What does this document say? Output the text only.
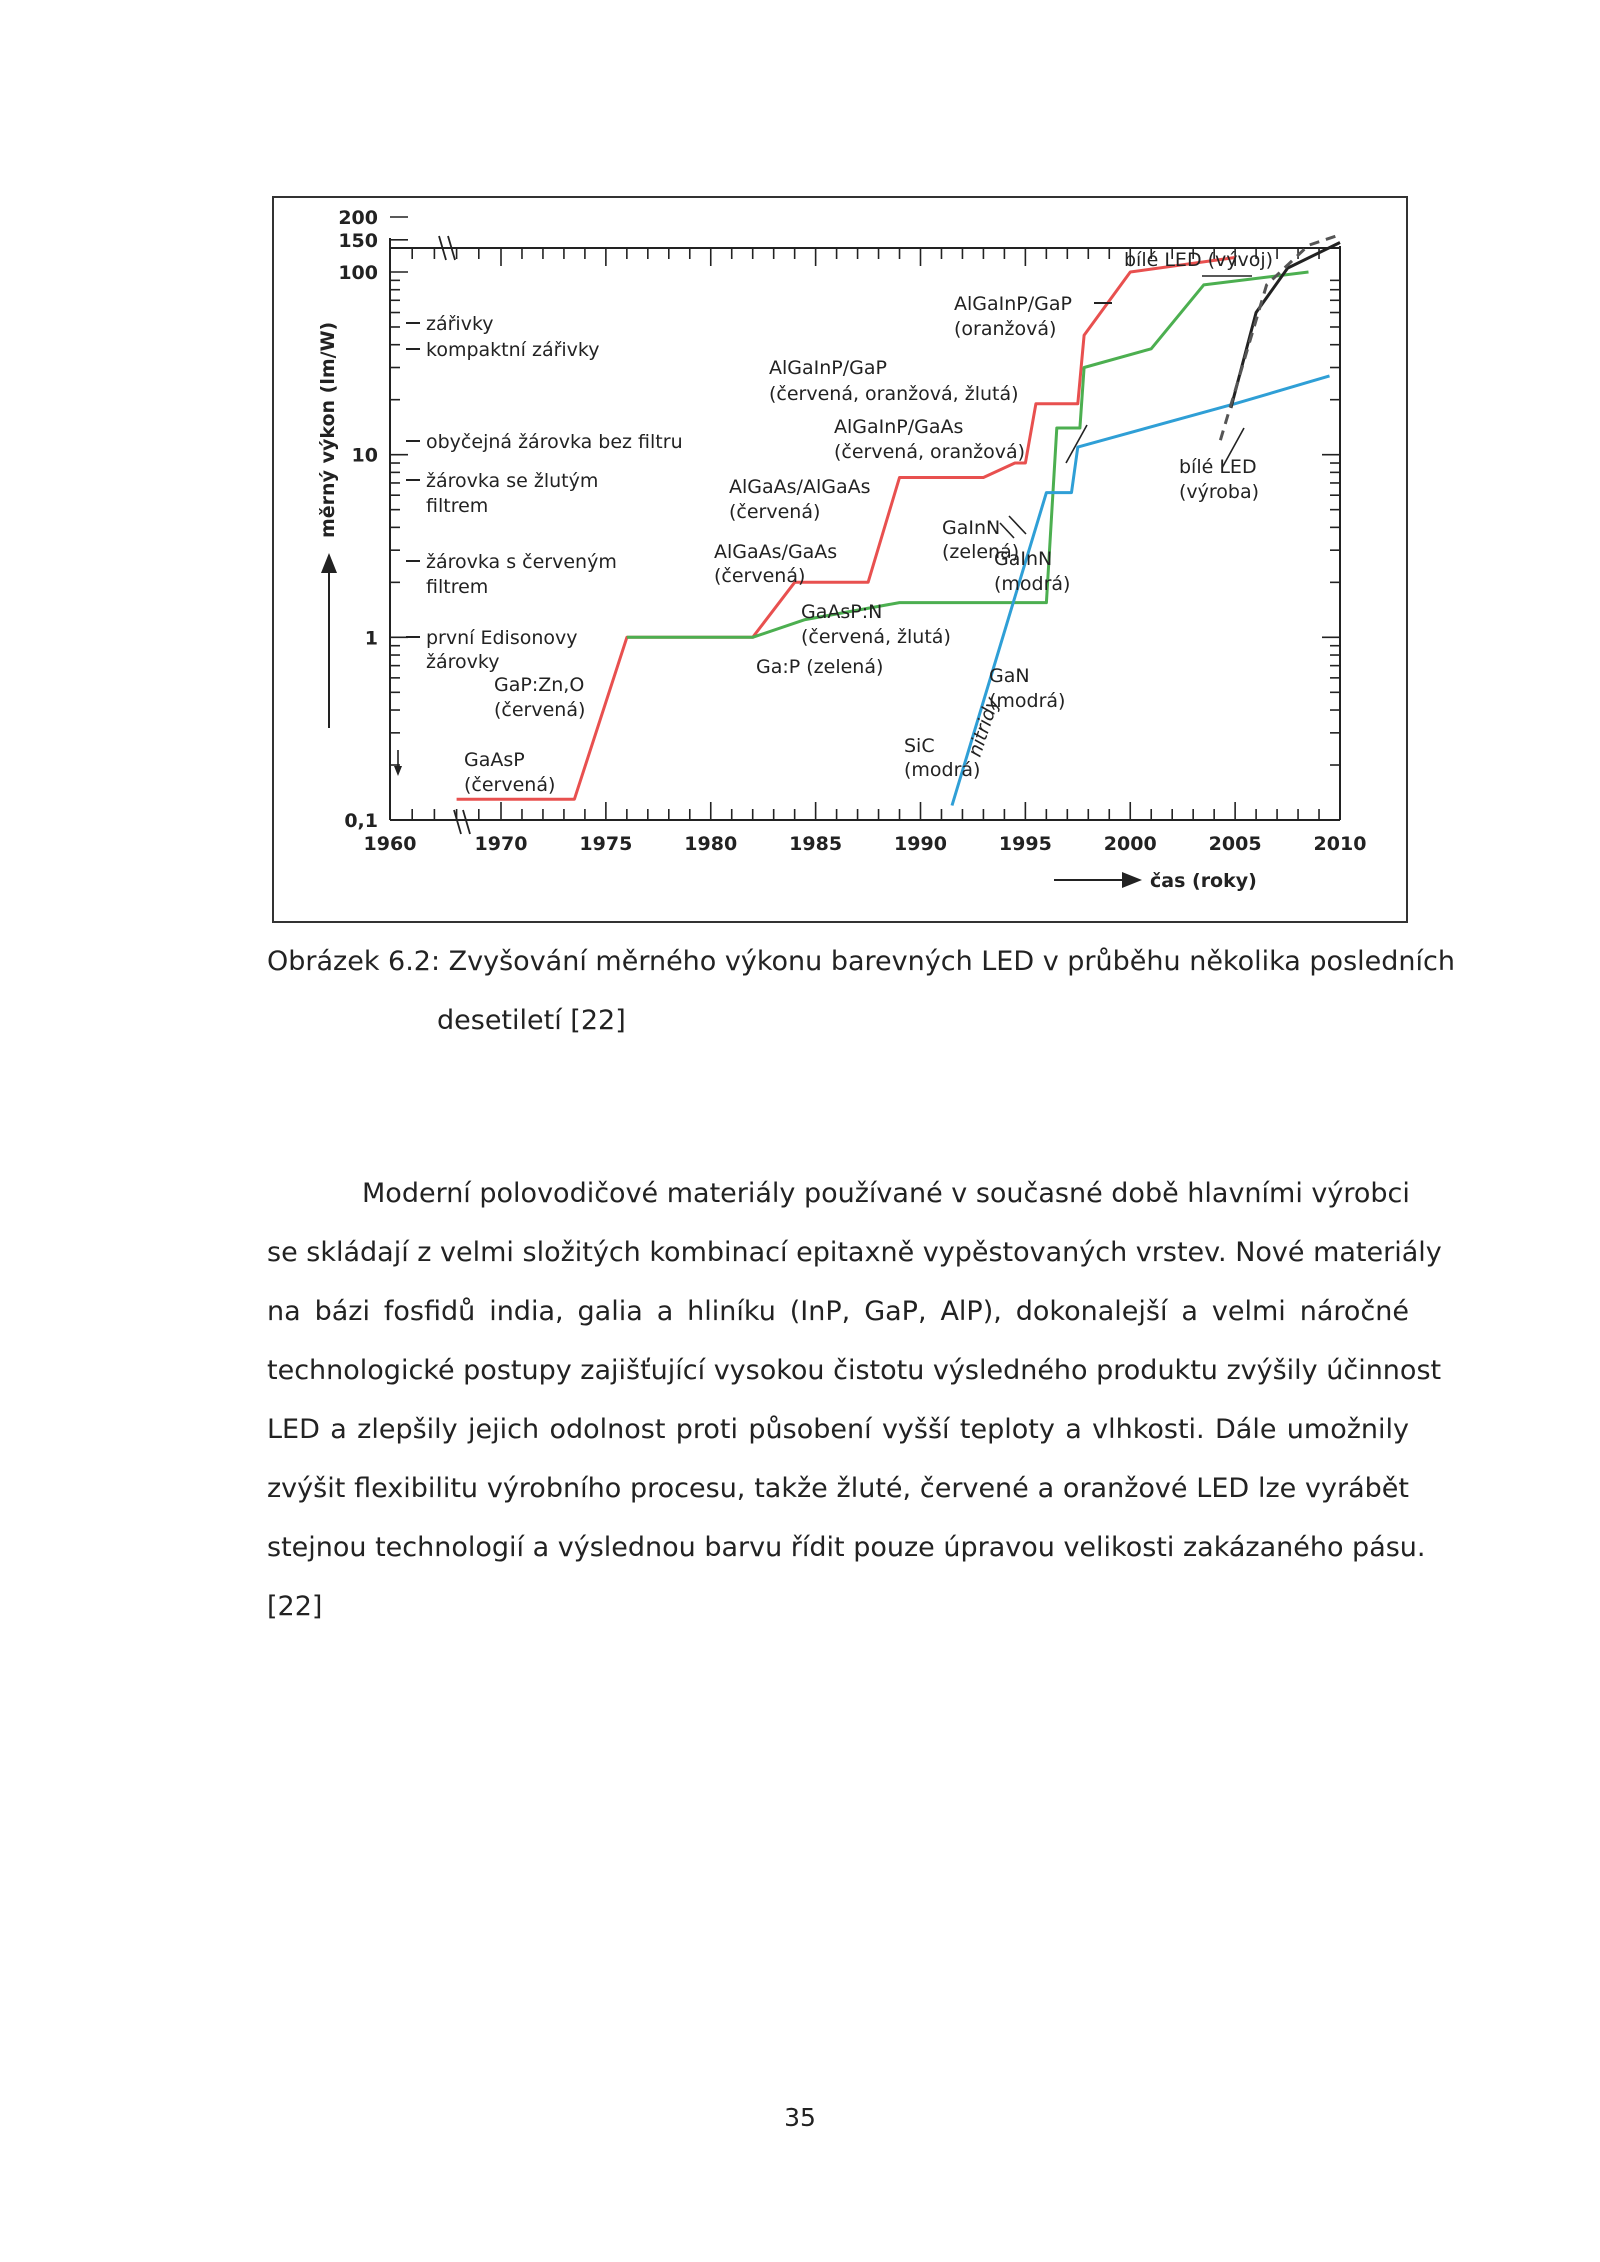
1960	1970	1975	1980	1985	1990	1995	2000	2005	2010
0,1
1
10
100
150
200
měrný výkon (lm/W)
čas (roky)
zářivky
kompaktní zářivky
obyčejná žárovka bez filtru
žárovka se žlutým
filtrem
žárovka s červeným
filtrem
první Edisonovy
žárovky
GaP:Zn,O
(červená)
GaAsP
(červená)
AlGaAs/GaAs
(červená)
AlGaAs/AlGaAs
(červená)
AlGaInP/GaAs
(červená, oranžová)
AlGaInP/GaP
(červená, oranžová, žlutá)
AlGaInP/GaP
(oranžová)
GaAsP:N
(červená, žlutá)
Ga:P (zelená)
GaInN
(zelená)
GaInN
(modrá)
GaN
(modrá)
SiC
(modrá)
nitridy
bílé LED (vývoj)
bílé LED
(výroba)
Obrázek 6.2: Zvyšování měrného výkonu barevných LED v průběhu několika posledních
desetiletí [22]
Moderní polovodičové materiály používané v současné době hlavními výrobci
se skládají z velmi složitých kombinací epitaxně vypěstovaných vrstev. Nové materiály
na bázi fosfidů india, galia a hliníku (InP, GaP, AlP), dokonalejší a velmi náročné
technologické postupy zajišťující vysokou čistotu výsledného produktu zvýšily účinnost
LED a zlepšily jejich odolnost proti působení vyšší teploty a vlhkosti. Dále umožnily
zvýšit flexibilitu výrobního procesu, takže žluté, červené a oranžové LED lze vyrábět
stejnou technologií a výslednou barvu řídit pouze úpravou velikosti zakázaného pásu.
[22]
35
